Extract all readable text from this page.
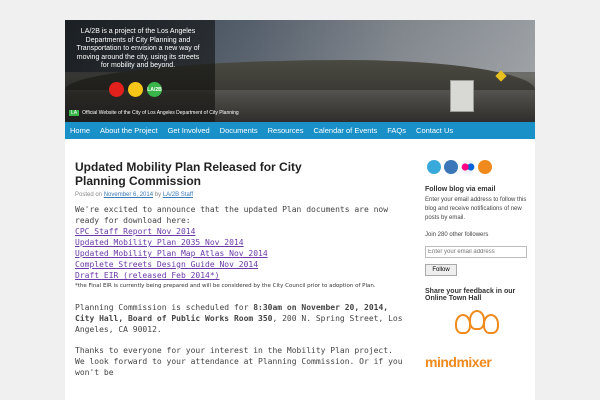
LA/2B is a project of the Los Angeles Departments of City Planning and Transportation to envision a new way of moving around the city, using its streets for mobility and beyond.
LA/2B
LA Official Website of the City of Los Angeles Department of City Planning
Home	About the Project	Get Involved	Documents	Resources	Calendar of Events	FAQs	Contact Us
Updated Mobility Plan Released for City Planning Commission
Posted on November 6, 2014 by LA/2B Staff
We're excited to announce that the updated Plan documents are now ready for download here:
CPC Staff Report Nov 2014
Updated Mobility Plan 2035 Nov 2014
Updated Mobility Plan Map Atlas Nov 2014
Complete Streets Design Guide Nov 2014
Draft EIR (released Feb 2014*)
*the Final EIR is currently being prepared and will be considered by the City Council prior to adoption of Plan.
Planning Commission is scheduled for 8:30am on November 20, 2014, City Hall, Board of Public Works Room 350, 200 N. Spring Street, Los Angeles, CA 90012.
Thanks to everyone for your interest in the Mobility Plan project. We look forward to your attendance at Planning Commission. Or if you won't be
Follow blog via email
Enter your email address to follow this blog and receive notifications of new posts by email.
Join 280 other followers
Enter your email address
Follow
Share your feedback in our Online Town Hall
mindmixer
